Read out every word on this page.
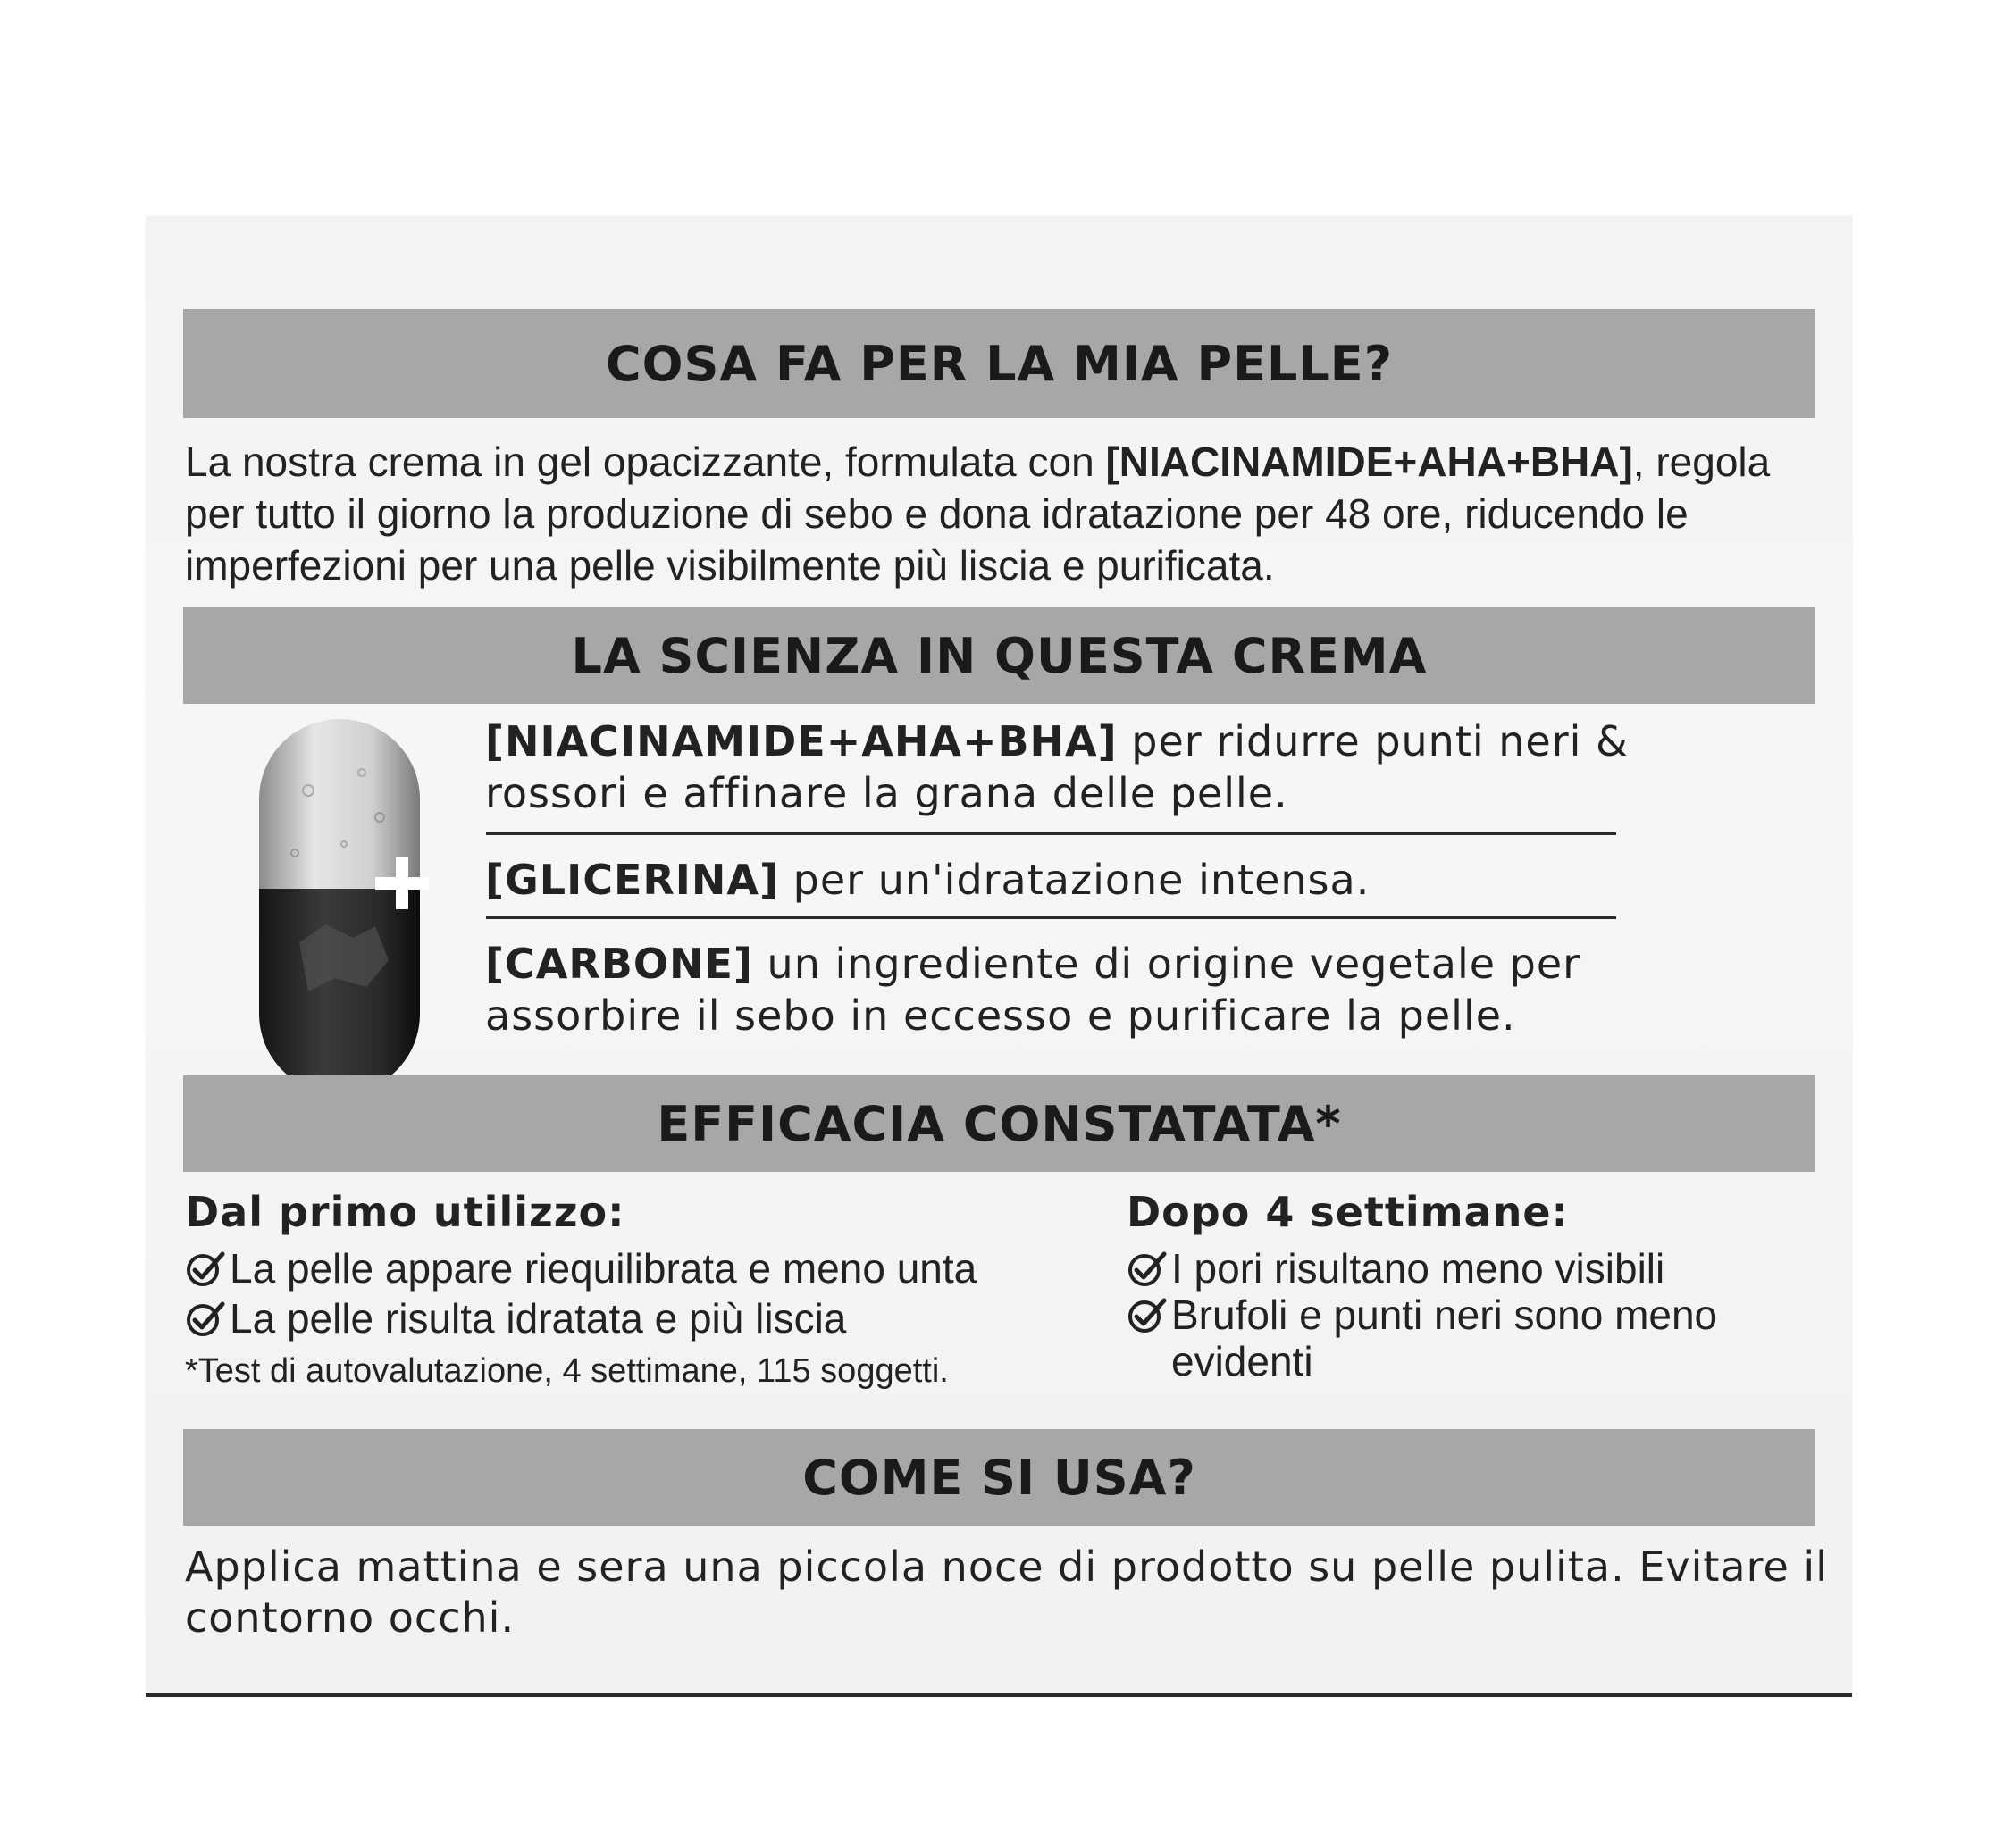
COSA FA PER LA MIA PELLE?
La nostra crema in gel opacizzante, formulata con [NIACINAMIDE+AHA+BHA], regola per tutto il giorno la produzione di sebo e dona idratazione per 48 ore, riducendo le imperfezioni per una pelle visibilmente più liscia e purificata.
LA SCIENZA IN QUESTA CREMA
[NIACINAMIDE+AHA+BHA] per ridurre punti neri & rossori e affinare la grana delle pelle.
[GLICERINA] per un'idratazione intensa.
[CARBONE] un ingrediente di origine vegetale per assorbire il sebo in eccesso e purificare la pelle.
EFFICACIA CONSTATATA*
Dal primo utilizzo:
La pelle appare riequilibrata e meno unta
La pelle risulta idratata e più liscia
*Test di autovalutazione, 4 settimane, 115 soggetti.
Dopo 4 settimane:
I pori risultano meno visibili
Brufoli e punti neri sono meno evidenti
COME SI USA?
Applica mattina e sera una piccola noce di prodotto su pelle pulita. Evitare il contorno occhi.
